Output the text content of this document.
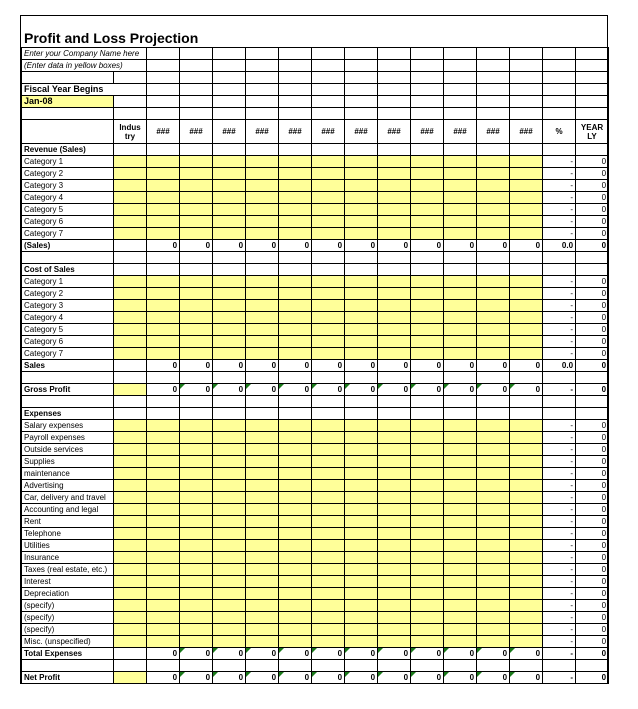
Profit and Loss Projection
Enter your Company Name here															
(Enter data in yellow boxes)															

Fiscal Year Begins															
Jan-08															

	Indus try	###	###	###	###	###	###	###	###	###	###	###	###	%	YEAR LY
Revenue (Sales)															
Category 1														-	0
Category 2														-	0
Category 3														-	0
Category 4														-	0
Category 5														-	0
Category 6														-	0
Category 7														-	0
(Sales)		0	0	0	0	0	0	0	0	0	0	0	0	0.0	0

Cost of Sales															
Category 1														-	0
Category 2														-	0
Category 3														-	0
Category 4														-	0
Category 5														-	0
Category 6														-	0
Category 7														-	0
Sales		0	0	0	0	0	0	0	0	0	0	0	0	0.0	0

Gross Profit		0	0	0	0	0	0	0	0	0	0	0	0	-	0

Expenses															
Salary expenses														-	0
Payroll expenses														-	0
Outside services														-	0
Supplies														-	0
maintenance														-	0
Advertising														-	0
Car, delivery and travel														-	0
Accounting and legal														-	0
Rent														-	0
Telephone														-	0
Utilities														-	0
Insurance														-	0
Taxes (real estate, etc.)														-	0
Interest														-	0
Depreciation														-	0
(specify)														-	0
(specify)														-	0
(specify)														-	0
Misc. (unspecified)														-	0
Total Expenses		0	0	0	0	0	0	0	0	0	0	0	0	-	0

Net Profit		0	0	0	0	0	0	0	0	0	0	0	0	-	0
